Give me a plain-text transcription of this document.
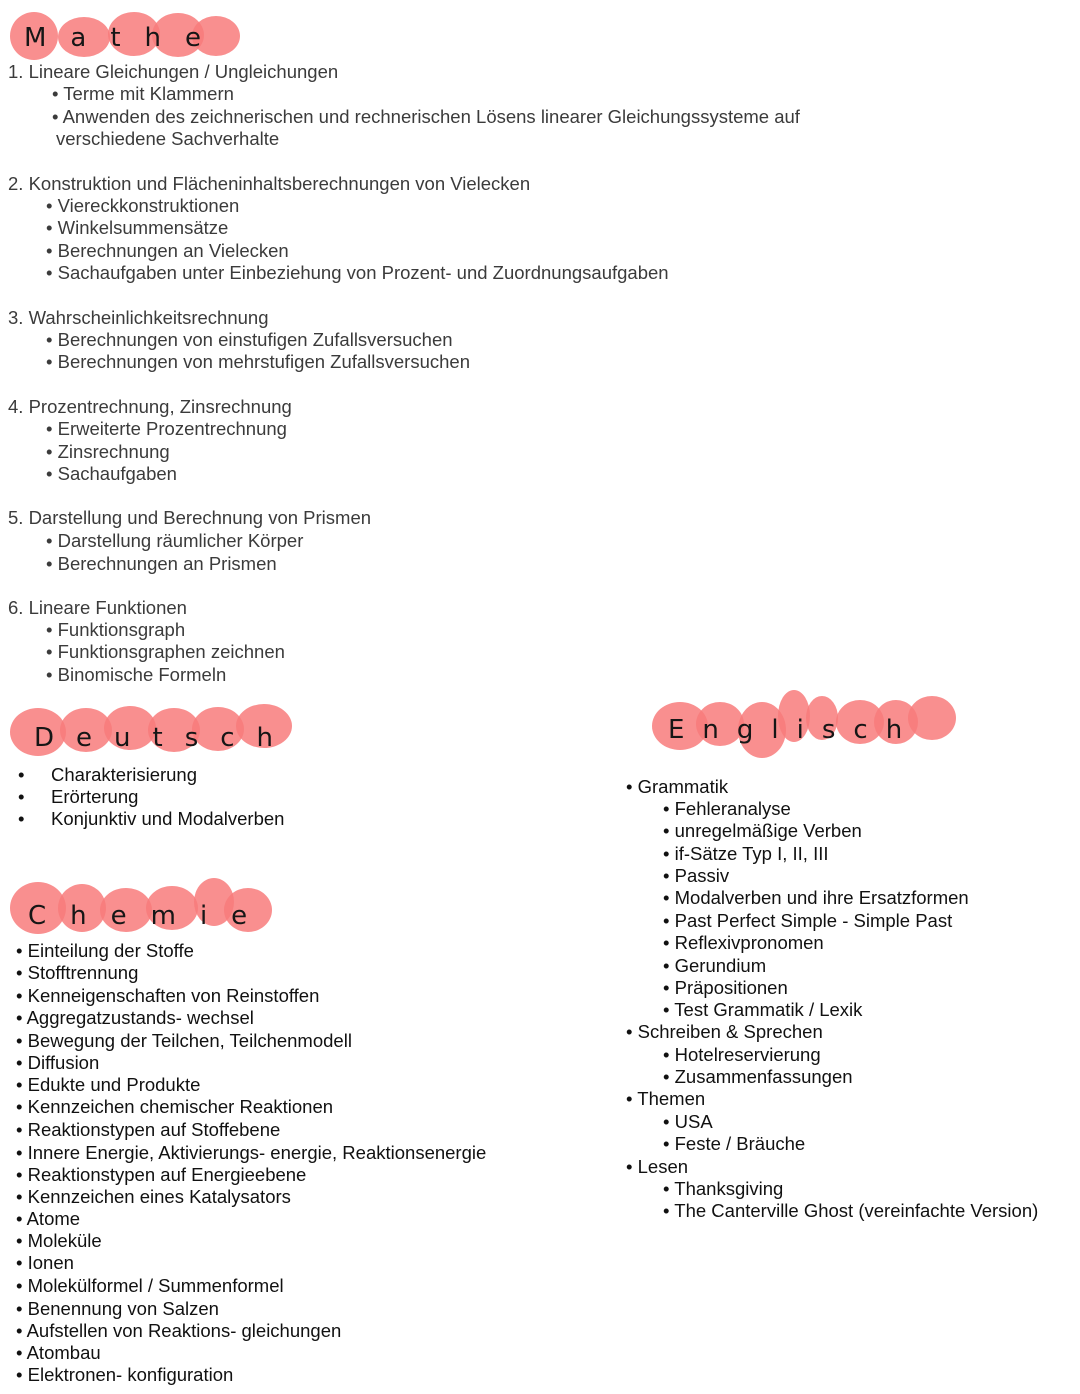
Mathe
1. Lineare Gleichungen / Ungleichungen
• Terme mit Klammern
• Anwenden des zeichnerischen und rechnerischen Lösens linearer Gleichungssysteme auf
verschiedene Sachverhalte
2. Konstruktion und Flächeninhaltsberechnungen von Vielecken
• Viereckkonstruktionen
• Winkelsummensätze
• Berechnungen an Vielecken
• Sachaufgaben unter Einbeziehung von Prozent- und Zuordnungsaufgaben
3. Wahrscheinlichkeitsrechnung
• Berechnungen von einstufigen Zufallsversuchen
• Berechnungen von mehrstufigen Zufallsversuchen
4. Prozentrechnung, Zinsrechnung
• Erweiterte Prozentrechnung
• Zinsrechnung
• Sachaufgaben
5. Darstellung und Berechnung von Prismen
• Darstellung räumlicher Körper
• Berechnungen an Prismen
6. Lineare Funktionen
• Funktionsgraph
• Funktionsgraphen zeichnen
• Binomische Formeln
Deutsch
• Charakterisierung
• Erörterung
• Konjunktiv und Modalverben
Chemie
• Einteilung der Stoffe
• Stofftrennung
• Kenneigenschaften von Reinstoffen
• Aggregatzustands- wechsel
• Bewegung der Teilchen, Teilchenmodell
• Diffusion
• Edukte und Produkte
• Kennzeichen chemischer Reaktionen
• Reaktionstypen auf Stoffebene
• Innere Energie, Aktivierungs- energie, Reaktionsenergie
• Reaktionstypen auf Energieebene
• Kennzeichen eines Katalysators
• Atome
• Moleküle
• Ionen
• Molekülformel / Summenformel
• Benennung von Salzen
• Aufstellen von Reaktions- gleichungen
• Atombau
• Elektronen- konfiguration
Englisch
• Grammatik
• Fehleranalyse
• unregelmäßige Verben
• if-Sätze Typ I, II, III
• Passiv
• Modalverben und ihre Ersatzformen
• Past Perfect Simple - Simple Past
• Reflexivpronomen
• Gerundium
• Präpositionen
• Test Grammatik / Lexik
• Schreiben & Sprechen
• Hotelreservierung
• Zusammenfassungen
• Themen
• USA
• Feste / Bräuche
• Lesen
• Thanksgiving
• The Canterville Ghost (vereinfachte Version)
